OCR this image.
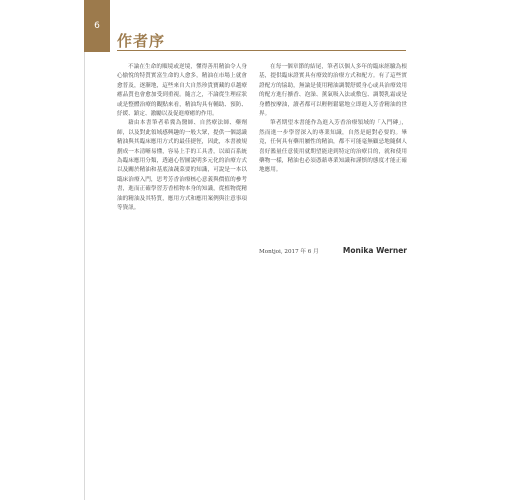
6
作者序

不論在生命的順境或逆境，懂得善用精油令人身心愉悅的特質實富生命的人愈多，精油在市場上就會愈普及，逐漸地，這些來自大自然珍貴寶藏的卓越療癒品質也會愈加受到重視。隨言之，不論從生理症狀或是整體治療的觀點來看，精油均具有輔助、預防、紓緩、鎮定、激勵以及促進療癒的作用。

藉由本書筆者希冀為醫師、自然療法師、藥劑師，以及對此領域感興趣的一般大眾，提供一個認識精油與其臨床應用方式的最佳捷徑，因此，本書被規劃成一本清晰易懂，容易上手的工具書，以頭百系統為臨床應用分類，透過心智圖說明多元化的治療方式以及關於精油和基底油蔬菜要的知識，可說是一本以臨床治療入門，思考芳香治療核心意義與價值的參考書，進而正確學習芳香植物本身的知識，從植物從精油的精油及其特質，應用方式和應用案例與注意事項等資訊。

在每一個章節的結尾，筆者以個人多年的臨床經驗為根基，提供臨床證實具有療效的治療方式和配方。有了這些實證配方的協助，無論是使用精油調製舒緩身心或具治療效用的配方進行擴香、泡澡、薰氣吸入法或敷包、調製乳霜或是身體按摩油，讀者都可以輕輕鬆鬆地立即進入芳香精油的世界。

筆者期望本書能作為進入芳香治療領域的「入門磚」，然而進一步學習深入的專業知識，自然是絕對必要的。畢竟，任何具有藥用屬性的精油，都不可能毫無顧忌地隨個人喜好濫量任意使用就期望能達到特定的治療目的，就和使用藥物一樣，精油也必須憑藉專業知識和謹慎的態度才能正確地應用。

Montjoi, 2017 年 6 月	Monika Werner
